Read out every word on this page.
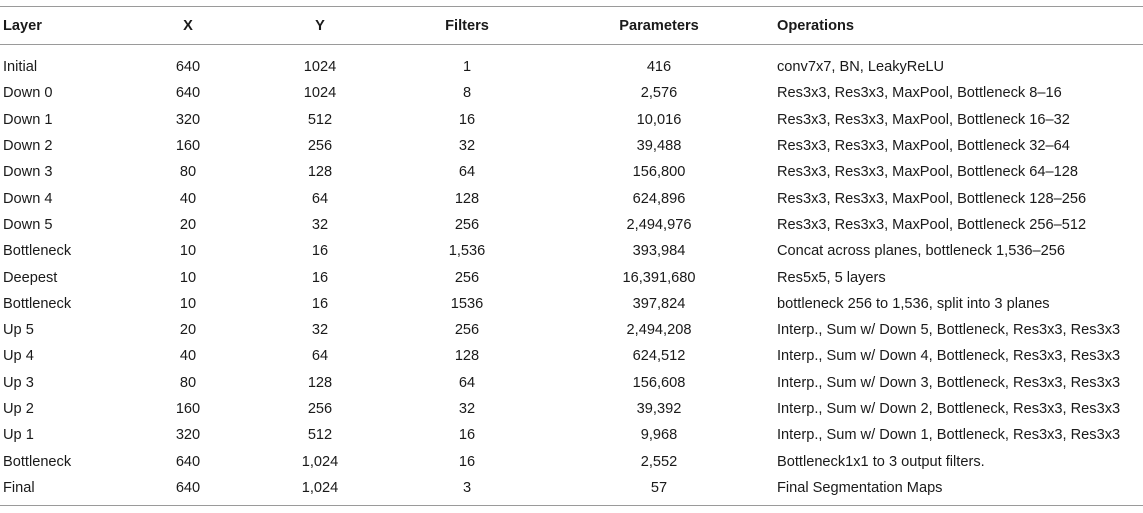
Layer	X	Y	Filters	Parameters	Operations

Initial	640	1024	1	416	conv7x7, BN, LeakyReLU
Down 0	640	1024	8	2,576	Res3x3, Res3x3, MaxPool, Bottleneck 8–16
Down 1	320	512	16	10,016	Res3x3, Res3x3, MaxPool, Bottleneck 16–32
Down 2	160	256	32	39,488	Res3x3, Res3x3, MaxPool, Bottleneck 32–64
Down 3	80	128	64	156,800	Res3x3, Res3x3, MaxPool, Bottleneck 64–128
Down 4	40	64	128	624,896	Res3x3, Res3x3, MaxPool, Bottleneck 128–256
Down 5	20	32	256	2,494,976	Res3x3, Res3x3, MaxPool, Bottleneck 256–512
Bottleneck	10	16	1,536	393,984	Concat across planes, bottleneck 1,536–256
Deepest	10	16	256	16,391,680	Res5x5, 5 layers
Bottleneck	10	16	1536	397,824	bottleneck 256 to 1,536, split into 3 planes
Up 5	20	32	256	2,494,208	Interp., Sum w/ Down 5, Bottleneck, Res3x3, Res3x3
Up 4	40	64	128	624,512	Interp., Sum w/ Down 4, Bottleneck, Res3x3, Res3x3
Up 3	80	128	64	156,608	Interp., Sum w/ Down 3, Bottleneck, Res3x3, Res3x3
Up 2	160	256	32	39,392	Interp., Sum w/ Down 2, Bottleneck, Res3x3, Res3x3
Up 1	320	512	16	9,968	Interp., Sum w/ Down 1, Bottleneck, Res3x3, Res3x3
Bottleneck	640	1,024	16	2,552	Bottleneck1x1 to 3 output filters.
Final	640	1,024	3	57	Final Segmentation Maps
